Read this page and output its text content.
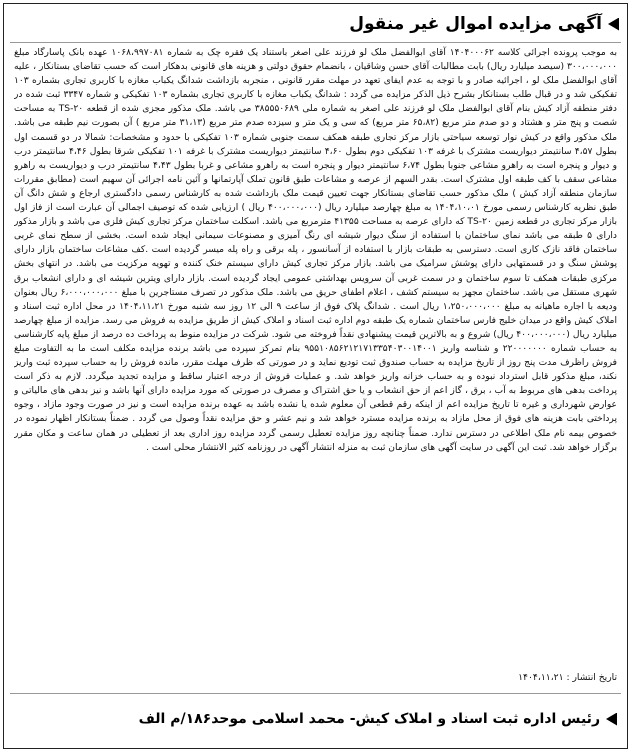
آگهی مزایده اموال غیر منقول

به موجب پرونده اجرائی کلاسه ۱۴۰۴۰۰۰۶۲ آقای ابوالفضل ملک لو فرزند علی اصغر باستناد یک فقره چک به شماره ۱۰۶۸،۹۹۷۰۸۱ عهده بانک پاسارگاد مبلغ ۳۰۰،۰۰۰،۰۰۰ (سیصد میلیارد ریال) بابت مطالبات آقای حسن وشاقیان ، بانضمام حقوق دولتی و هزینه های قانونی بدهکار است که حسب تقاضای بستانکار ، علیه آقای ابوالفضل ملک لو ، اجرائیه صادر و با توجه به عدم ایفای تعهد در مهلت مقرر قانونی ، منجربه بازداشت شدانگ یکباب مغازه با کاربری تجاری بشماره ۱۰۳ تفکیکی شد و در قبال طلب بستانکار بشرح ذیل الذکر مزایده می گردد : شدانگ یکباب مغازه با کاربری تجاری بشماره ۱۰۳ تفکیکی و شماره ۳۳۴۷ ثبت شده در دفتر منطقه آزاد کیش بنام آقای ابوالفضل ملک لو فرزند علی اصغر به شماره ملی ۳۸۵۵۵۰۶۸۹ می باشد. ملک مذکور مجزی شده از قطعه ۲۰-TS به مساحت شصت و پنج متر و هشتاد و دو صدم متر مربع (۶۵،۸۲ متر مربع) که سی و یک متر و سیزده صدم متر مربع (۳۱،۱۳ متر مربع ) آن بصورت نیم طبقه می باشد. ملک مذکور واقع در کیش نوار توسعه سیاحتی بازار مرکز تجاری طبقه همکف سمت جنوبی شماره ۱۰۳ تفکیکی با حدود و مشخصات: شمالا در دو قسمت اول بطول ۴،۵۷ سانتیمتر دیواریست مشترک با غرفه ۱۰۳ تفکیکی دوم بطول ۴،۶۰ سانتیمتر دیواریست مشترک با غرفه ۱۰۱ تفکیکی شرقا بطول ۴،۴۶ سانتیمتر درب و دیوار و پنجره است به راهرو مشاعی جنوبا بطول ۶،۷۴ سانتیمتر دیوار و پنجره است به راهرو مشاعی و غربا بطول ۴،۴۳ سانتیمتر درب و دیواریست به راهرو مشاعی سقف با کف طبقه اول مشترک است. بقدر السهم از عرصه و مشاعات طبق قانون تملک آپارتمانها و آئین نامه اجرائی آن سهیم است (مطابق مقررات سازمان منطقه آزاد کیش ) ملک مذکور حسب تقاضای بستانکار جهت تعیین قیمت ملک بازداشت شده به کارشناس رسمی دادگستری ارجاع و شش دانگ آن طبق نظریه کارشناس رسمی مورخ ۱۴۰۴،۱۰،۰۱ به مبلغ چهارصد میلیارد ریال (۴۰۰،۰۰۰،۰۰۰ ریال ) ارزیابی شده که توصیف اجمالی آن عبارت است از فاز اول بازار مرکز تجاری در قطعه زمین ۲۰-TS که دارای عرصه به مساحت ۴۱۳۵۵ مترمربع می باشد. اسکلت ساختمان مرکز تجاری کیش فلزی می باشد و بازار مذکور دارای ۵ طبقه می باشد نمای ساختمان با استفاده از سنگ دیوار شیشه ای رنگ آمیزی و مصنوعات سیمانی ایجاد شده است. بخشی از سطح نمای غربی ساختمان فاقد نازک کاری است. دسترسی به طبقات بازار با استفاده از آسانسور ، پله برقی و راه پله میسر گردیده است .کف مشاعات ساختمان بازار دارای پوشش سنگ و در قسمتهایی دارای پوشش سرامیک می باشد. بازار مرکز تجاری کیش دارای سیستم خنک کننده و تهویه مرکزیت می باشد. در انتهای بخش مرکزی طبقات همکف تا سوم ساختمان و در سمت غربی آن سرویس بهداشتی عمومی ایجاد گردیده است. بازار دارای ویترین شیشه ای و دارای انشعاب برق شهری مستقل می باشد. ساختمان مجهز به سیستم کشف ، اعلام اطفای حریق می باشد. ملک مذکور در تصرف مستاجرین با مبلغ ۶،۰۰۰،۰۰۰،۰۰۰ ریال بعنوان ودیعه با اجاره ماهیانه به مبلغ ۱،۲۵۰،۰۰۰،۰۰۰ ریال است . شدانگ پلاک فوق از ساعت ۹ الی ۱۲ روز سه شنبه مورخ ۱۴۰۴،۱۱،۲۱ در محل اداره ثبت اسناد و املاک کیش واقع در میدان خلیج فارس ساختمان شماره یک طبقه دوم اداره ثبت اسناد و املاک کیش از طریق مزایده به فروش می رسد. مزایده از مبلغ چهارصد میلیارد ریال (۴۰۰،۰۰۰،۰۰۰ ریال) شروع و به بالاترین قیمت پیشنهادی نقداً فروخته می شود. شرکت در مزایده منوط به پرداخت ده درصد از مبلغ پایه کارشناسی به حساب شماره ۲۲۰۰۰۰۰۰۰ و شناسه واریز ۹۵۵۱۰۸۵۶۲۱۲۱۷۱۳۳۵۴۰۳۰۰۱۴۰۰۱ بنام تمرکز سپرده می باشد برنده مزایده مکلف است ما به التفاوت مبلغ فروش راظرف مدت پنج روز از تاریخ مزایده به حساب صندوق ثبت تودیع نماید و در صورتی که ظرف مهلت مقرر، مانده فروش را به حساب سپرده ثبت واریز نکند، مبلغ مذکور قابل استرداد نبوده و به حساب خزانه واریز خواهد شد. و عملیات فروش از درجه اعتبار ساقط و مزایده تجدید میگردد. لازم به ذکر است پرداخت بدهی های مربوط به آب ، برق ، گاز اعم از حق انشعاب و یا حق اشتراک و مصرف در صورتی که مورد مزایده دارای آنها باشد و نیز بدهی های مالیاتی و عوارض شهرداری و غیره تا تاریخ مزایده اعم از اینکه رقم قطعی آن معلوم شده یا نشده باشد به عهده برنده مزایده است و نیز در صورت وجود مازاد ، وجوه پرداختی بابت هزینه های فوق از محل مازاد به برنده مزایده مسترد خواهد شد و نیم عشر و حق مزایده نقداً وصول می گردد . ضمناً بستانکار اظهار نموده در خصوص بیمه نام ملک اطلاعی در دسترس ندارد. ضمناً چنانچه روز مزایده تعطیل رسمی گردد مزایده روز اداری بعد از تعطیلی در همان ساعت و مکان مقرر برگزار خواهد شد. ثبت این آگهی در سایت آگهی های سازمان ثبت به منزله انتشار آگهی در روزنامه کثیر الانتشار محلی است .

تاریخ انتشار : ۱۴۰۴،۱۱،۲۱
رئیس اداره ثبت اسناد و املاک کیش- محمد اسلامی موحد۱۸۶/م الف
